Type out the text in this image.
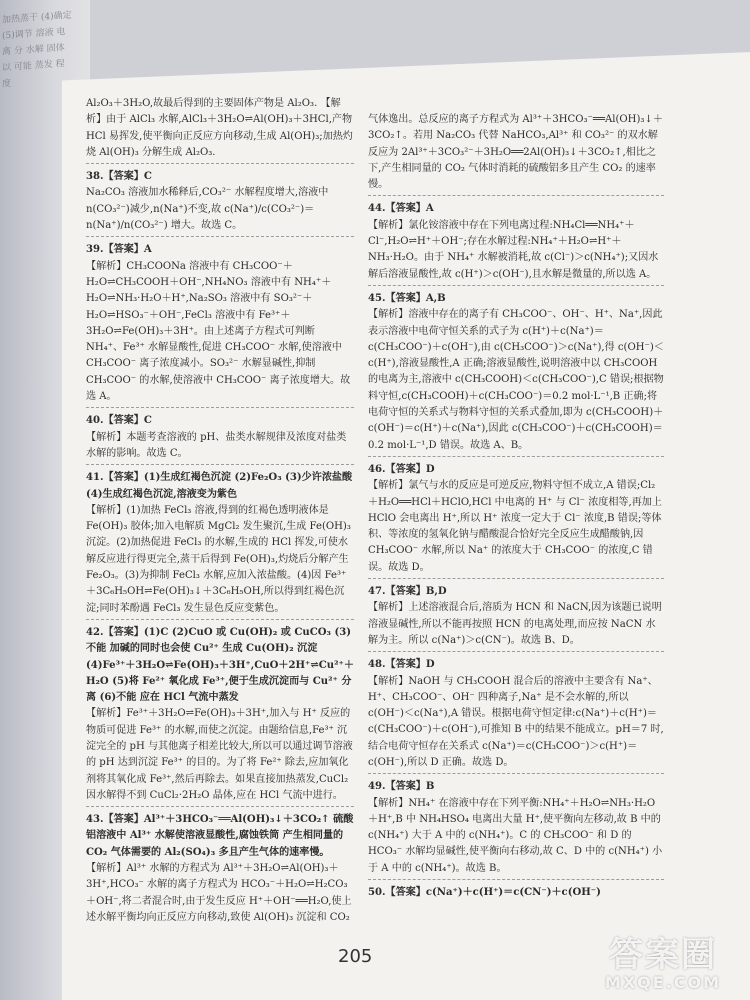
加热蒸干 (4)确定 (5)调节 溶液 电离 分 水解 固体 以 可能 蒸发 程度

Al₂O₃＋3H₂O,故最后得到的主要固体产物是 Al₂O₃. 【解析】由于 AlCl₃ 水解,AlCl₃＋3H₂O⇌Al(OH)₃＋3HCl,产物 HCl 易挥发,使平衡向正反应方向移动,生成 Al(OH)₃;加热灼烧 Al(OH)₃ 分解生成 Al₂O₃.

38.【答案】C

Na₂CO₃ 溶液加水稀释后,CO₃²⁻ 水解程度增大,溶液中 n(CO₃²⁻)减少,n(Na⁺)不变,故 c(Na⁺)/c(CO₃²⁻)＝n(Na⁺)/n(CO₃²⁻) 增大。故选 C。

39.【答案】A

【解析】CH₃COONa 溶液中有 CH₃COO⁻＋H₂O⇌CH₃COOH＋OH⁻,NH₄NO₃ 溶液中有 NH₄⁺＋H₂O⇌NH₃·H₂O＋H⁺,Na₂SO₃ 溶液中有 SO₃²⁻＋H₂O⇌HSO₃⁻＋OH⁻,FeCl₃ 溶液中有 Fe³⁺＋3H₂O⇌Fe(OH)₃＋3H⁺。由上述离子方程式可判断 NH₄⁺、Fe³⁺ 水解显酸性,促进 CH₃COO⁻ 水解,使溶液中 CH₃COO⁻ 离子浓度减小。SO₃²⁻ 水解显碱性,抑制 CH₃COO⁻ 的水解,使溶液中 CH₃COO⁻ 离子浓度增大。故选 A。

40.【答案】C

【解析】本题考查溶液的 pH、盐类水解规律及浓度对盐类水解的影响。故选 C。

41.【答案】(1)生成红褐色沉淀 (2)Fe₂O₃ (3)少许浓盐酸 (4)生成红褐色沉淀,溶液变为紫色

【解析】(1)加热 FeCl₃ 溶液,得到的红褐色透明液体是 Fe(OH)₃ 胶体;加入电解质 MgCl₂ 发生聚沉,生成 Fe(OH)₃ 沉淀。(2)加热促进 FeCl₃ 的水解,生成的 HCl 挥发,可使水解反应进行得更完全,蒸干后得到 Fe(OH)₃,灼烧后分解产生 Fe₂O₃。(3)为抑制 FeCl₃ 水解,应加入浓盐酸。(4)因 Fe³⁺＋3C₆H₅OH⇌Fe(OH)₃↓＋3C₆H₅OH,所以得到红褐色沉淀;同时苯酚遇 FeCl₃ 发生显色反应变紫色。

42.【答案】(1)C (2)CuO 或 Cu(OH)₂ 或 CuCO₃ (3)不能 加碱的同时也会使 Cu²⁺ 生成 Cu(OH)₂ 沉淀 (4)Fe³⁺＋3H₂O⇌Fe(OH)₃＋3H⁺,CuO＋2H⁺⇌Cu²⁺＋H₂O (5)将 Fe²⁺ 氧化成 Fe³⁺,便于生成沉淀而与 Cu²⁺ 分离 (6)不能 应在 HCl 气流中蒸发

【解析】Fe³⁺＋3H₂O⇌Fe(OH)₃＋3H⁺,加入与 H⁺ 反应的物质可促进 Fe³⁺ 的水解,而使之沉淀。由题给信息,Fe³⁺ 沉淀完全的 pH 与其他离子相差比较大,所以可以通过调节溶液的 pH 达到沉淀 Fe³⁺ 的目的。为了将 Fe²⁺ 除去,应加氧化剂将其氧化成 Fe³⁺,然后再除去。如果直接加热蒸发,CuCl₂ 因水解得不到 CuCl₂·2H₂O 晶体,应在 HCl 气流中进行。

43.【答案】Al³⁺＋3HCO₃⁻══Al(OH)₃↓＋3CO₂↑ 硫酸铝溶液中 Al³⁺ 水解使溶液显酸性,腐蚀铁筒 产生相同量的 CO₂ 气体需要的 Al₂(SO₄)₃ 多且产生气体的速率慢。

【解析】Al³⁺ 水解的方程式为 Al³⁺＋3H₂O⇌Al(OH)₃＋3H⁺,HCO₃⁻ 水解的离子方程式为 HCO₃⁻＋H₂O⇌H₂CO₃＋OH⁻,将二者混合时,由于发生反应 H⁺＋OH⁻══H₂O,使上述水解平衡均向正反应方向移动,致使 Al(OH)₃ 沉淀和 CO₂

气体逸出。总反应的离子方程式为 Al³⁺＋3HCO₃⁻══Al(OH)₃↓＋3CO₂↑。若用 Na₂CO₃ 代替 NaHCO₃,Al³⁺ 和 CO₃²⁻ 的双水解反应为 2Al³⁺＋3CO₃²⁻＋3H₂O══2Al(OH)₃↓＋3CO₂↑,相比之下,产生相同量的 CO₂ 气体时消耗的硫酸铝多且产生 CO₂ 的速率慢。

44.【答案】A

【解析】氯化铵溶液中存在下列电离过程:NH₄Cl══NH₄⁺＋Cl⁻,H₂O⇌H⁺＋OH⁻;存在水解过程:NH₄⁺＋H₂O⇌H⁺＋NH₃·H₂O。由于 NH₄⁺ 水解被消耗,故 c(Cl⁻)＞c(NH₄⁺);又因水解后溶液显酸性,故 c(H⁺)＞c(OH⁻),且水解是微量的,所以选 A。

45.【答案】A,B

【解析】溶液中存在的离子有 CH₃COO⁻、OH⁻、H⁺、Na⁺,因此表示溶液中电荷守恒关系的式子为 c(H⁺)＋c(Na⁺)＝c(CH₃COO⁻)＋c(OH⁻),由 c(CH₃COO⁻)＞c(Na⁺),得 c(OH⁻)＜c(H⁺),溶液显酸性,A 正确;溶液显酸性,说明溶液中以 CH₃COOH 的电离为主,溶液中 c(CH₃COOH)＜c(CH₃COO⁻),C 错误;根据物料守恒,c(CH₃COOH)＋c(CH₃COO⁻)＝0.2 mol·L⁻¹,B 正确;将电荷守恒的关系式与物料守恒的关系式叠加,即为 c(CH₃COOH)＋c(OH⁻)＝c(H⁺)＋c(Na⁺),因此 c(CH₃COO⁻)＋c(CH₃COOH)＝0.2 mol·L⁻¹,D 错误。故选 A、B。

46.【答案】D

【解析】氯气与水的反应是可逆反应,物料守恒不成立,A 错误;Cl₂＋H₂O══HCl＋HClO,HCl 中电离的 H⁺ 与 Cl⁻ 浓度相等,再加上 HClO 会电离出 H⁺,所以 H⁺ 浓度一定大于 Cl⁻ 浓度,B 错误;等体积、等浓度的氢氧化钠与醋酸混合恰好完全反应生成醋酸钠,因 CH₃COO⁻ 水解,所以 Na⁺ 的浓度大于 CH₃COO⁻ 的浓度,C 错误。故选 D。

47.【答案】B,D

【解析】上述溶液混合后,溶质为 HCN 和 NaCN,因为该题已说明溶液显碱性,所以不能再按照 HCN 的电离处理,而应按 NaCN 水解为主。所以 c(Na⁺)＞c(CN⁻)。故选 B、D。

48.【答案】D

【解析】NaOH 与 CH₃COOH 混合后的溶液中主要含有 Na⁺、H⁺、CH₃COO⁻、OH⁻ 四种离子,Na⁺ 是不会水解的,所以 c(OH⁻)＜c(Na⁺),A 错误。根据电荷守恒定律:c(Na⁺)＋c(H⁺)＝c(CH₃COO⁻)＋c(OH⁻),可推知 B 中的结果不能成立。pH＝7 时,结合电荷守恒存在关系式 c(Na⁺)＝c(CH₃COO⁻)＞c(H⁺)＝c(OH⁻),所以 D 正确。故选 D。

49.【答案】B

【解析】NH₄⁺ 在溶液中存在下列平衡:NH₄⁺＋H₂O⇌NH₃·H₂O＋H⁺,B 中 NH₄HSO₄ 电离出大量 H⁺,使平衡向左移动,故 B 中的 c(NH₄⁺) 大于 A 中的 c(NH₄⁺)。C 的 CH₃COO⁻ 和 D 的 HCO₃⁻ 水解均显碱性,使平衡向右移动,故 C、D 中的 c(NH₄⁺) 小于 A 中的 c(NH₄⁺)。故选 B。

50.【答案】c(Na⁺)＋c(H⁺)＝c(CN⁻)＋c(OH⁻)

205	答案圈
MXQE.COM
